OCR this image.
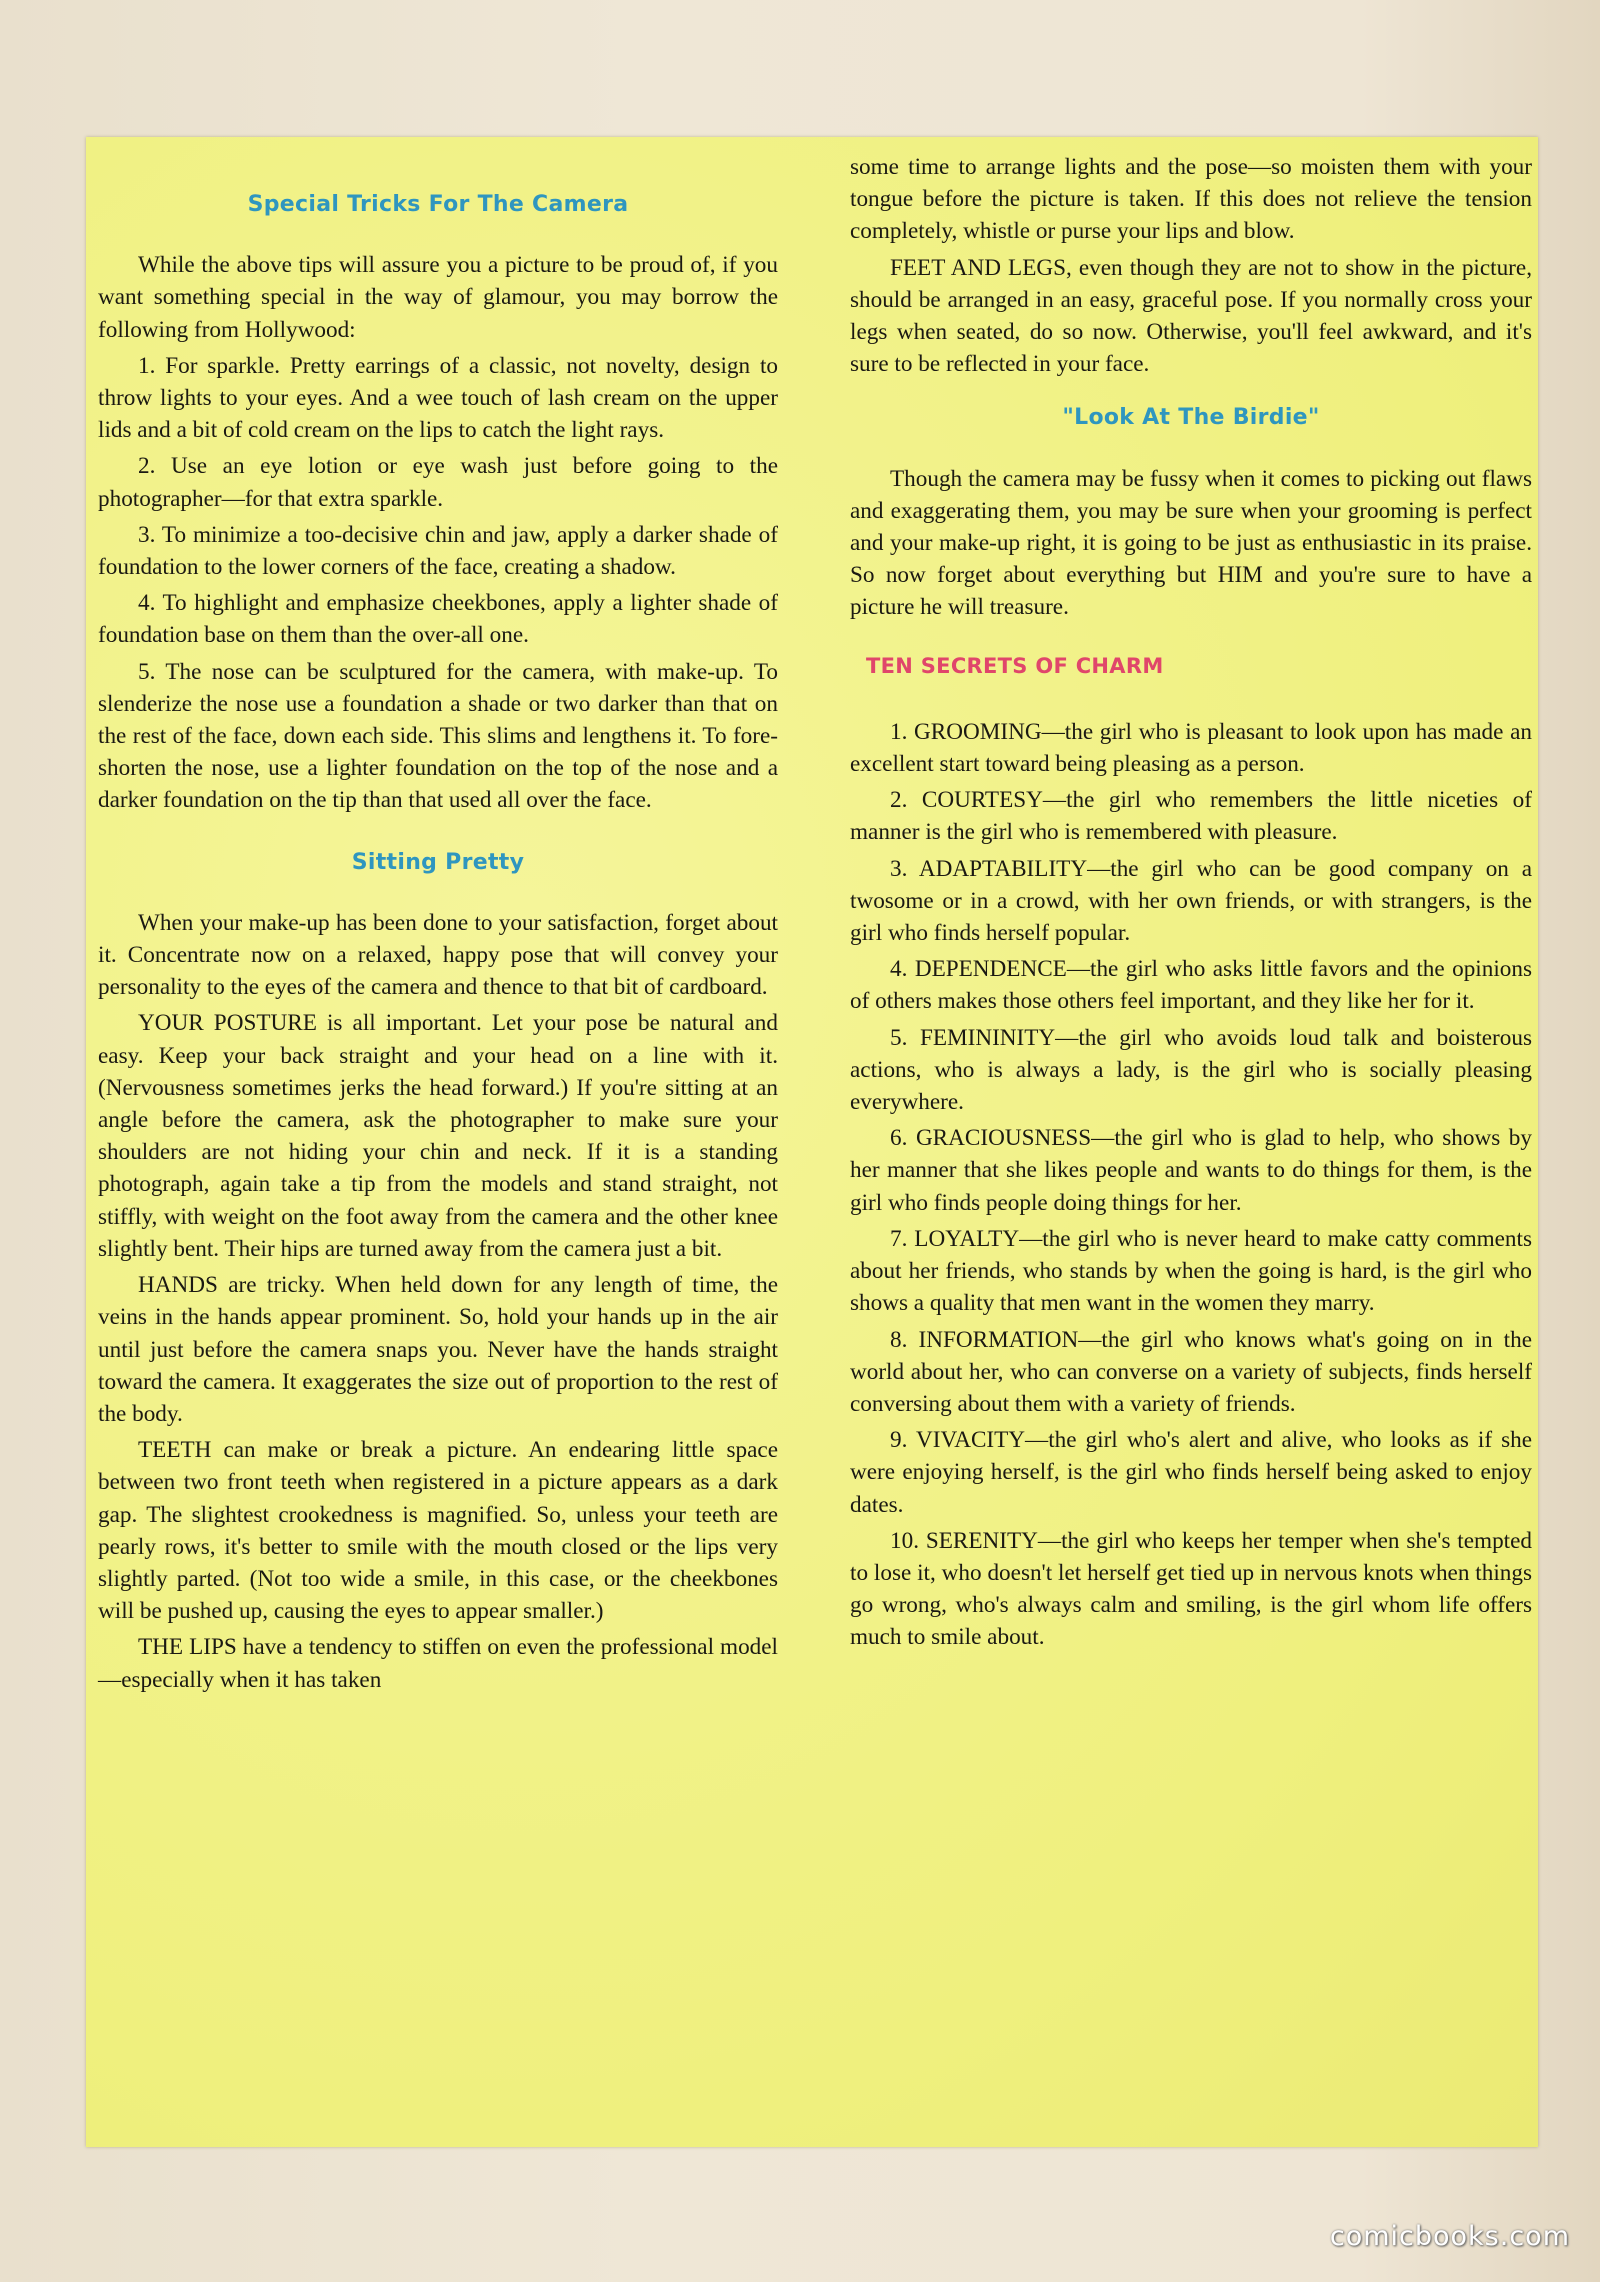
Special Tricks For The Camera

While the above tips will assure you a picture to be proud of, if you want something special in the way of glamour, you may borrow the following from Hollywood:

1. For sparkle. Pretty earrings of a classic, not novelty, design to throw lights to your eyes. And a wee touch of lash cream on the upper lids and a bit of cold cream on the lips to catch the light rays.

2. Use an eye lotion or eye wash just before going to the photographer—for that extra sparkle.

3. To minimize a too-decisive chin and jaw, apply a darker shade of foundation to the lower corners of the face, creating a shadow.

4. To highlight and emphasize cheekbones, apply a lighter shade of foundation base on them than the over-all one.

5. The nose can be sculptured for the camera, with make-up. To slenderize the nose use a foundation a shade or two darker than that on the rest of the face, down each side. This slims and lengthens it. To fore-shorten the nose, use a lighter foundation on the top of the nose and a darker foundation on the tip than that used all over the face.

Sitting Pretty

When your make-up has been done to your satisfaction, forget about it. Concentrate now on a relaxed, happy pose that will convey your personality to the eyes of the camera and thence to that bit of cardboard.

YOUR POSTURE is all important. Let your pose be natural and easy. Keep your back straight and your head on a line with it. (Nervousness sometimes jerks the head forward.) If you're sitting at an angle before the camera, ask the photographer to make sure your shoulders are not hiding your chin and neck. If it is a standing photograph, again take a tip from the models and stand straight, not stiffly, with weight on the foot away from the camera and the other knee slightly bent. Their hips are turned away from the camera just a bit.

HANDS are tricky. When held down for any length of time, the veins in the hands appear prominent. So, hold your hands up in the air until just before the camera snaps you. Never have the hands straight toward the camera. It exaggerates the size out of proportion to the rest of the body.

TEETH can make or break a picture. An endearing little space between two front teeth when registered in a picture appears as a dark gap. The slightest crookedness is magnified. So, unless your teeth are pearly rows, it's better to smile with the mouth closed or the lips very slightly parted. (Not too wide a smile, in this case, or the cheekbones will be pushed up, causing the eyes to appear smaller.)

THE LIPS have a tendency to stiffen on even the professional model—especially when it has taken

some time to arrange lights and the pose—so moisten them with your tongue before the picture is taken. If this does not relieve the tension completely, whistle or purse your lips and blow.

FEET AND LEGS, even though they are not to show in the picture, should be arranged in an easy, graceful pose. If you normally cross your legs when seated, do so now. Otherwise, you'll feel awkward, and it's sure to be reflected in your face.

"Look At The Birdie"

Though the camera may be fussy when it comes to picking out flaws and exaggerating them, you may be sure when your grooming is perfect and your make-up right, it is going to be just as enthusiastic in its praise. So now forget about everything but HIM and you're sure to have a picture he will treasure.

TEN SECRETS OF CHARM

1. GROOMING—the girl who is pleasant to look upon has made an excellent start toward being pleasing as a person.

2. COURTESY—the girl who remembers the little niceties of manner is the girl who is remembered with pleasure.

3. ADAPTABILITY—the girl who can be good company on a twosome or in a crowd, with her own friends, or with strangers, is the girl who finds herself popular.

4. DEPENDENCE—the girl who asks little favors and the opinions of others makes those others feel important, and they like her for it.

5. FEMININITY—the girl who avoids loud talk and boisterous actions, who is always a lady, is the girl who is socially pleasing everywhere.

6. GRACIOUSNESS—the girl who is glad to help, who shows by her manner that she likes people and wants to do things for them, is the girl who finds people doing things for her.

7. LOYALTY—the girl who is never heard to make catty comments about her friends, who stands by when the going is hard, is the girl who shows a quality that men want in the women they marry.

8. INFORMATION—the girl who knows what's going on in the world about her, who can converse on a variety of subjects, finds herself conversing about them with a variety of friends.

9. VIVACITY—the girl who's alert and alive, who looks as if she were enjoying herself, is the girl who finds herself being asked to enjoy dates.

10. SERENITY—the girl who keeps her temper when she's tempted to lose it, who doesn't let herself get tied up in nervous knots when things go wrong, who's always calm and smiling, is the girl whom life offers much to smile about.

comicbooks.com
